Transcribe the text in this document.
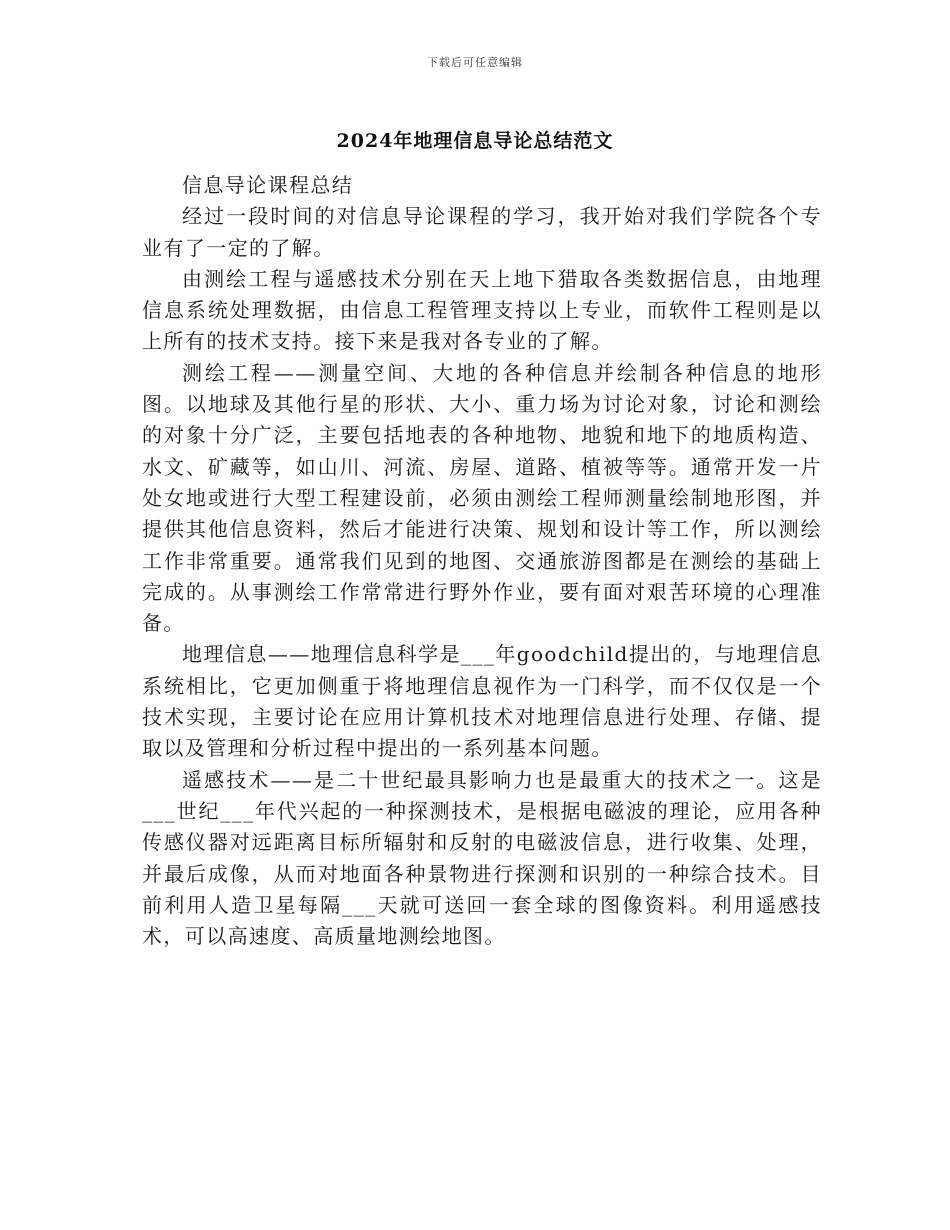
下载后可任意编辑
2024年地理信息导论总结范文

信息导论课程总结

经过一段时间的对信息导论课程的学习，我开始对我们学院各个专业有了一定的了解。

由测绘工程与遥感技术分别在天上地下猎取各类数据信息，由地理信息系统处理数据，由信息工程管理支持以上专业，而软件工程则是以上所有的技术支持。接下来是我对各专业的了解。

测绘工程——测量空间、大地的各种信息并绘制各种信息的地形图。以地球及其他行星的形状、大小、重力场为讨论对象，讨论和测绘的对象十分广泛，主要包括地表的各种地物、地貌和地下的地质构造、水文、矿藏等，如山川、河流、房屋、道路、植被等等。通常开发一片处女地或进行大型工程建设前，必须由测绘工程师测量绘制地形图，并提供其他信息资料，然后才能进行决策、规划和设计等工作，所以测绘工作非常重要。通常我们见到的地图、交通旅游图都是在测绘的基础上完成的。从事测绘工作常常进行野外作业，要有面对艰苦环境的心理准备。

地理信息——地理信息科学是___年goodchild提出的，与地理信息系统相比，它更加侧重于将地理信息视作为一门科学，而不仅仅是一个技术实现，主要讨论在应用计算机技术对地理信息进行处理、存储、提取以及管理和分析过程中提出的一系列基本问题。

遥感技术——是二十世纪最具影响力也是最重大的技术之一。这是___世纪___年代兴起的一种探测技术，是根据电磁波的理论，应用各种传感仪器对远距离目标所辐射和反射的电磁波信息，进行收集、处理，并最后成像，从而对地面各种景物进行探测和识别的一种综合技术。目前利用人造卫星每隔___天就可送回一套全球的图像资料。利用遥感技术，可以高速度、高质量地测绘地图。
